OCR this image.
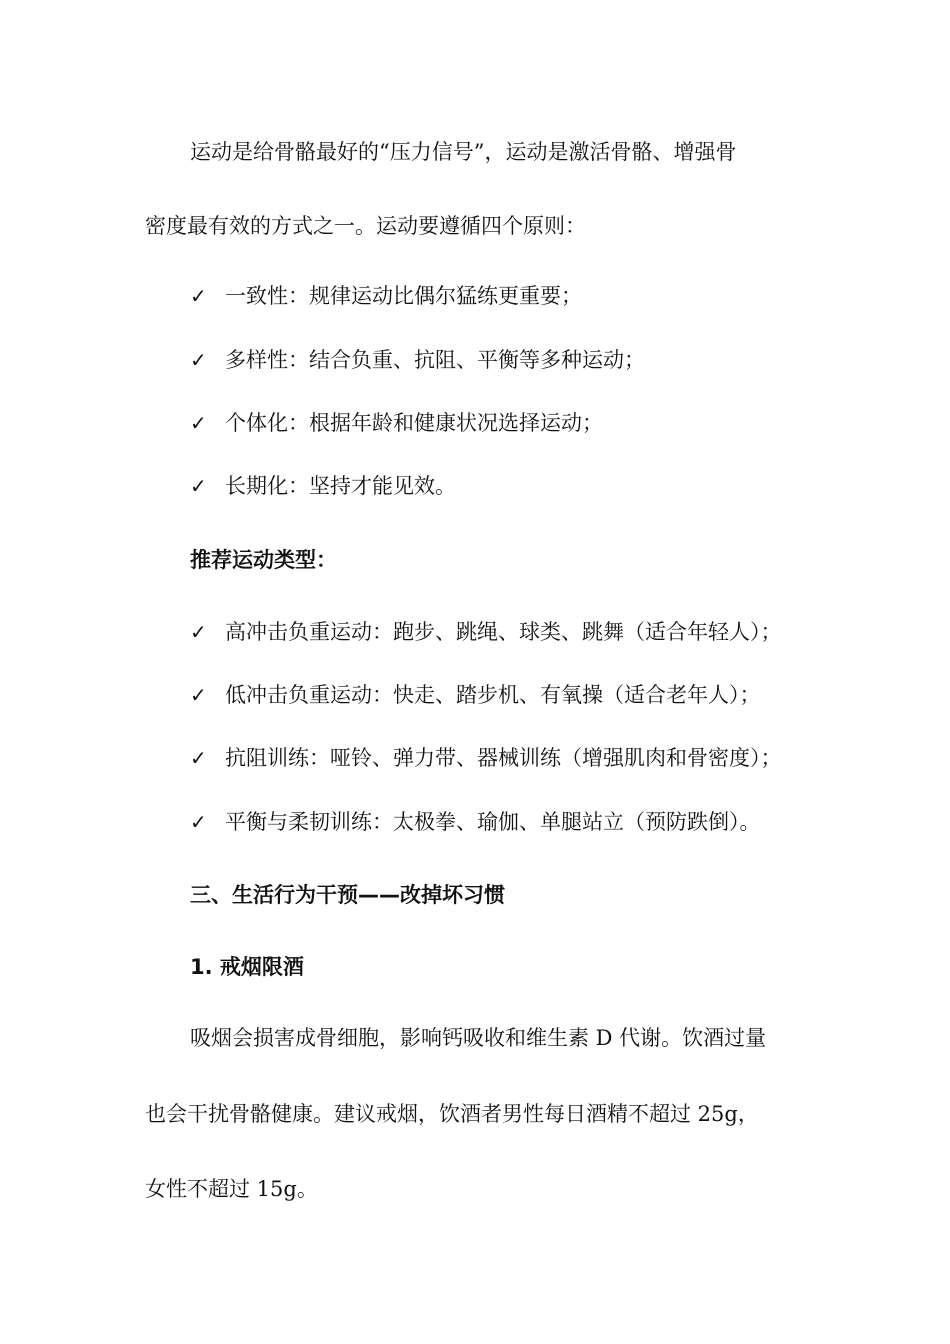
运动是给骨骼最好的“压力信号”，运动是激活骨骼、增强骨
密度最有效的方式之一。运动要遵循四个原则：
✓ 一致性：规律运动比偶尔猛练更重要；
✓ 多样性：结合负重、抗阻、平衡等多种运动；
✓ 个体化：根据年龄和健康状况选择运动；
✓ 长期化：坚持才能见效。
推荐运动类型：
✓ 高冲击负重运动：跑步、跳绳、球类、跳舞（适合年轻人）；
✓ 低冲击负重运动：快走、踏步机、有氧操（适合老年人）；
✓ 抗阻训练：哑铃、弹力带、器械训练（增强肌肉和骨密度）；
✓ 平衡与柔韧训练：太极拳、瑜伽、单腿站立（预防跌倒）。
三、生活行为干预——改掉坏习惯
1. 戒烟限酒
吸烟会损害成骨细胞，影响钙吸收和维生素 D 代谢。饮酒过量
也会干扰骨骼健康。建议戒烟，饮酒者男性每日酒精不超过 25g，
女性不超过 15g。
